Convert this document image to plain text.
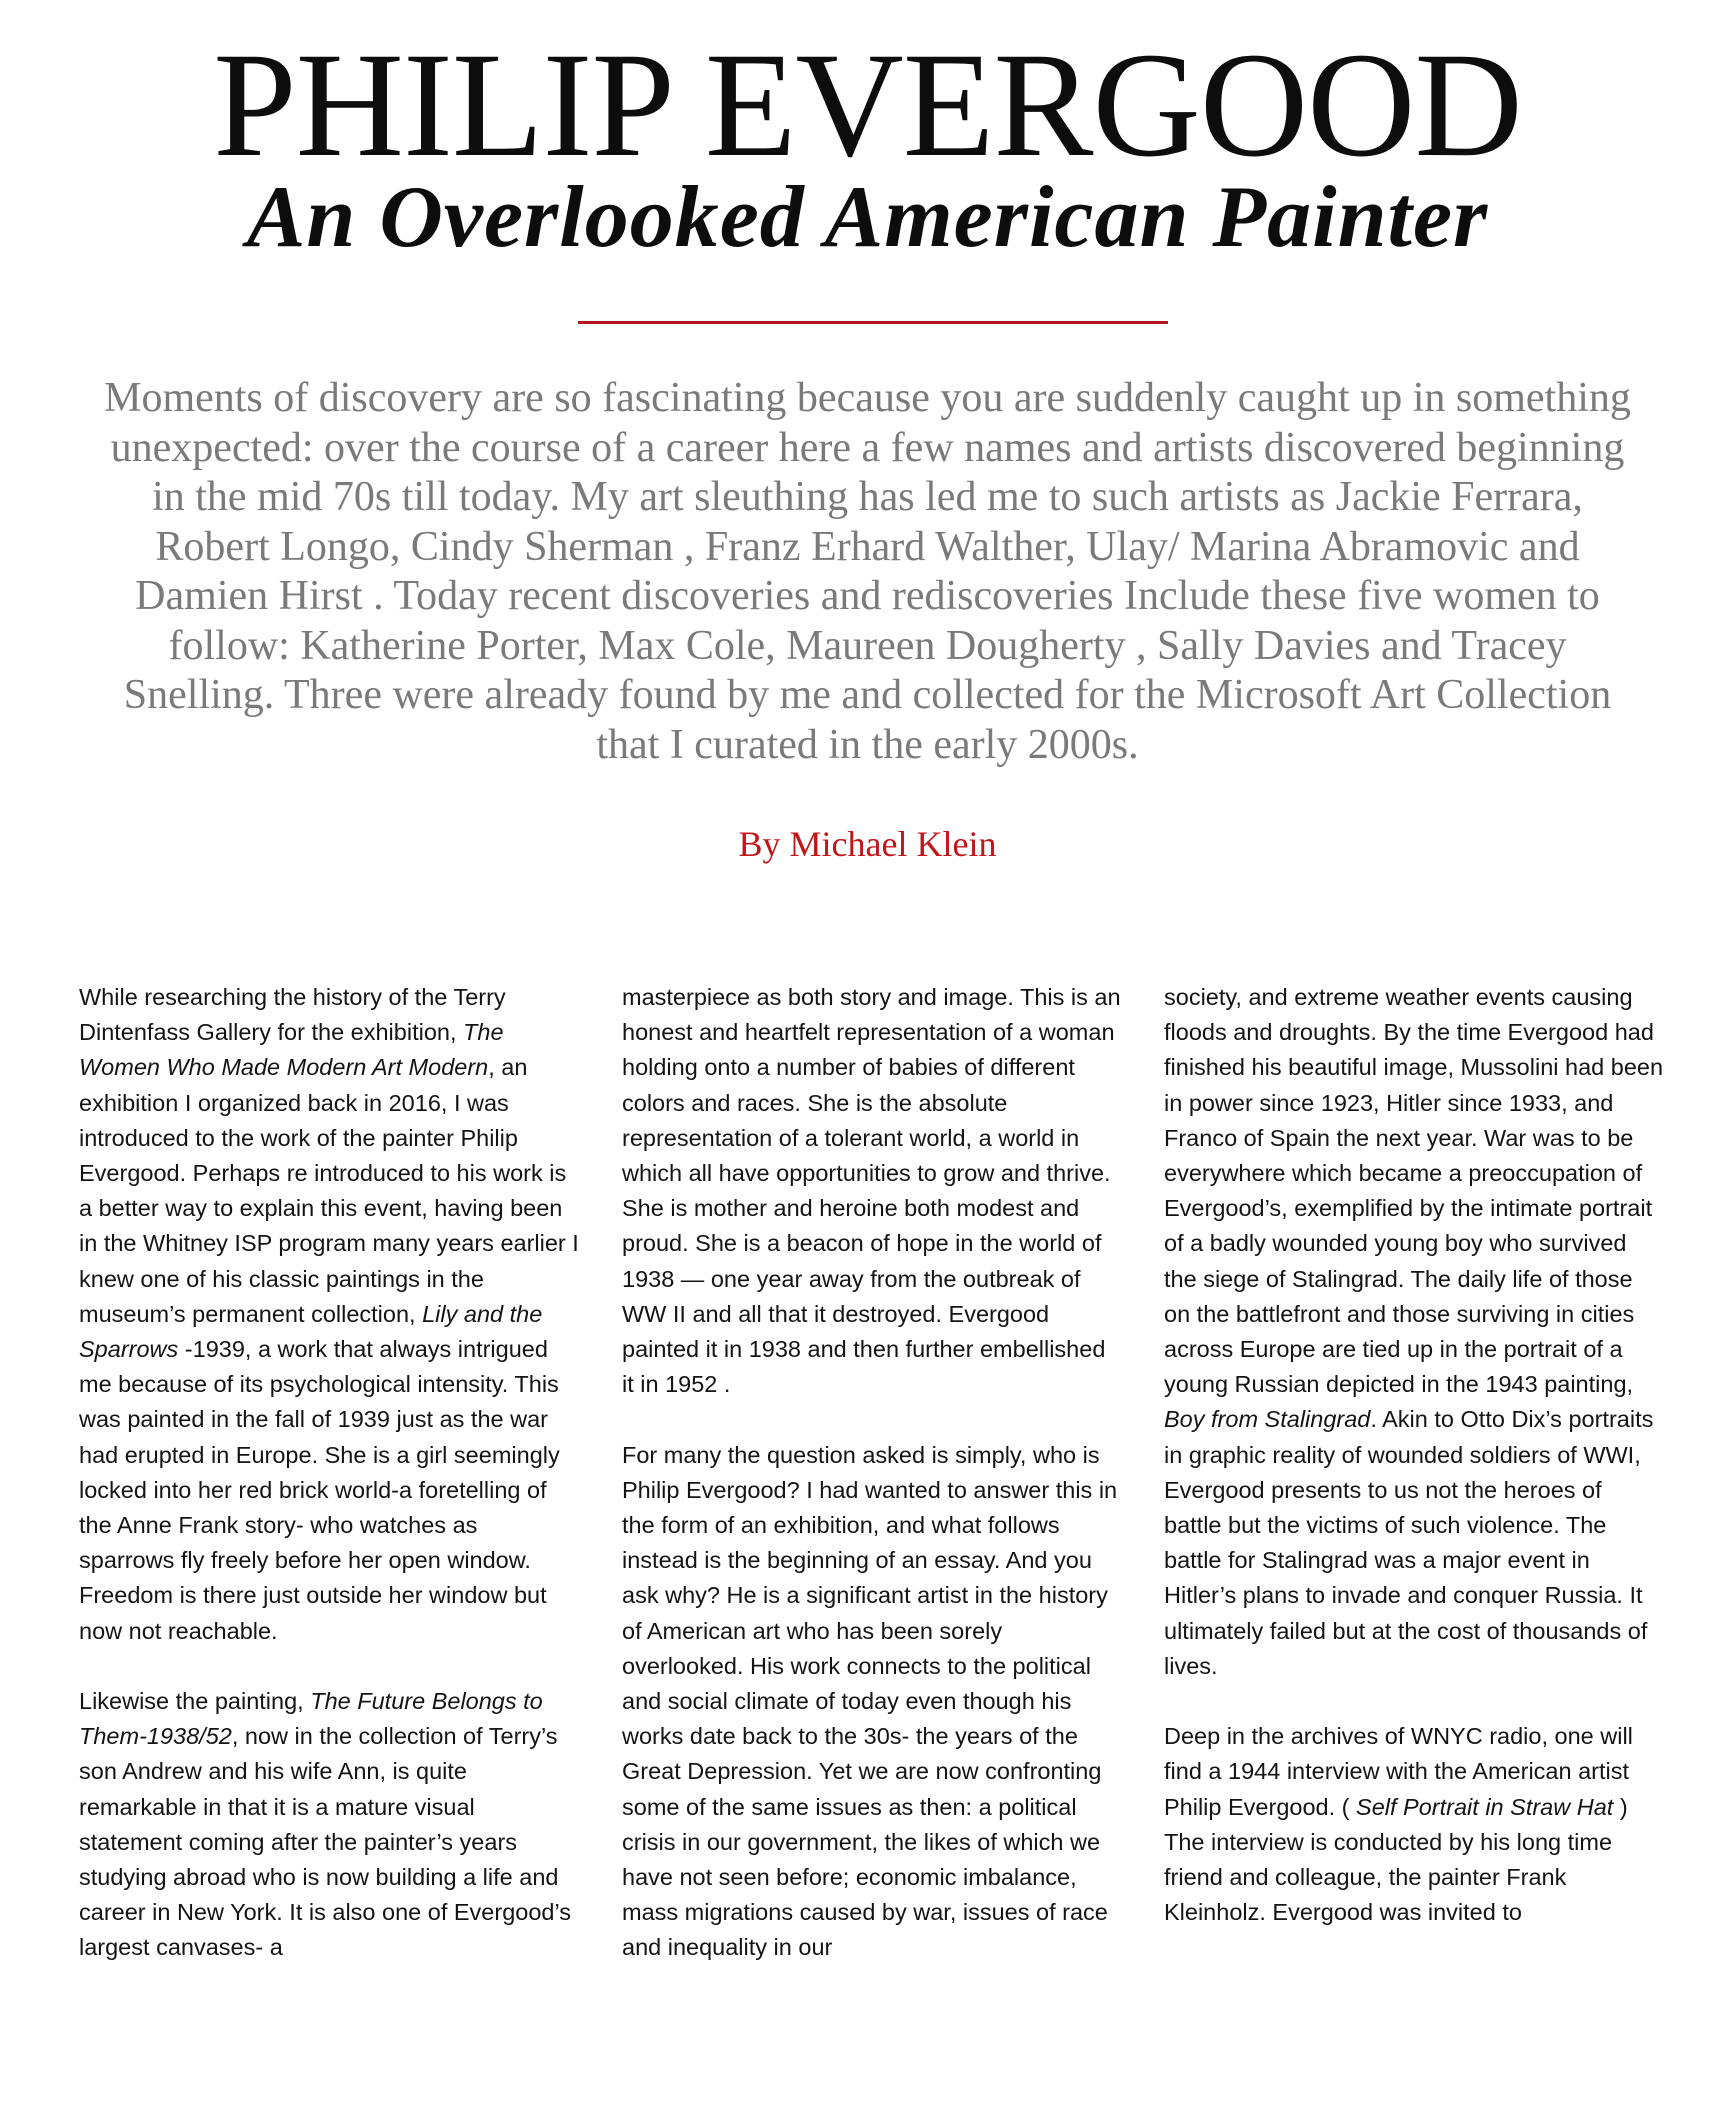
PHILIP EVERGOOD
An Overlooked American Painter

Moments of discovery are so fascinating because you are suddenly caught up in something unexpected: over the course of a career here a few names and artists discovered beginning in the mid 70s till today. My art sleuthing has led me to such artists as Jackie Ferrara, Robert Longo, Cindy Sherman , Franz Erhard Walther, Ulay/ Marina Abramovic and Damien Hirst . Today recent discoveries and rediscoveries Include these five women to follow: Katherine Porter, Max Cole, Maureen Dougherty , Sally Davies and Tracey Snelling. Three were already found by me and collected for the Microsoft Art Collection that I curated in the early 2000s.

By Michael Klein

While researching the history of the Terry Dintenfass Gallery for the exhibition, The Women Who Made Modern Art Modern, an exhibition I organized back in 2016, I was introduced to the work of the painter Philip Evergood. Perhaps re introduced to his work is a better way to explain this event, having been in the Whitney ISP program many years earlier I knew one of his classic paintings in the museum’s permanent collection, Lily and the Sparrows -1939, a work that always intrigued me because of its psychological intensity. This was painted in the fall of 1939 just as the war had erupted in Europe. She is a girl seemingly locked into her red brick world-a foretelling of the Anne Frank story- who watches as sparrows fly freely before her open window. Freedom is there just outside her window but now not reachable.

Likewise the painting, The Future Belongs to Them-1938/52, now in the collection of Terry’s son Andrew and his wife Ann, is quite remarkable in that it is a mature visual statement coming after the painter’s years studying abroad who is now building a life and career in New York. It is also one of Evergood’s largest canvases- a

masterpiece as both story and image. This is an honest and heartfelt representation of a woman holding onto a number of babies of different colors and races. She is the absolute representation of a tolerant world, a world in which all have opportunities to grow and thrive. She is mother and heroine both modest and proud. She is a beacon of hope in the world of 1938 — one year away from the outbreak of WW II and all that it destroyed. Evergood painted it in 1938 and then further embellished it in 1952 .

For many the question asked is simply, who is Philip Evergood? I had wanted to answer this in the form of an exhibition, and what follows instead is the beginning of an essay. And you ask why? He is a significant artist in the history of American art who has been sorely overlooked. His work connects to the political and social climate of today even though his works date back to the 30s- the years of the Great Depression. Yet we are now confronting some of the same issues as then: a political crisis in our government, the likes of which we have not seen before; economic imbalance, mass migrations caused by war, issues of race and inequality in our

society, and extreme weather events causing floods and droughts. By the time Evergood had finished his beautiful image, Mussolini had been in power since 1923, Hitler since 1933, and Franco of Spain the next year. War was to be everywhere which became a preoccupation of Evergood’s, exemplified by the intimate portrait of a badly wounded young boy who survived the siege of Stalingrad. The daily life of those on the battlefront and those surviving in cities across Europe are tied up in the portrait of a young Russian depicted in the 1943 painting, Boy from Stalingrad. Akin to Otto Dix’s portraits in graphic reality of wounded soldiers of WWI, Evergood presents to us not the heroes of battle but the victims of such violence. The battle for Stalingrad was a major event in Hitler’s plans to invade and conquer Russia. It ultimately failed but at the cost of thousands of lives.

Deep in the archives of WNYC radio, one will find a 1944 interview with the American artist Philip Evergood. ( Self Portrait in Straw Hat ) The interview is conducted by his long time friend and colleague, the painter Frank Kleinholz. Evergood was invited to
